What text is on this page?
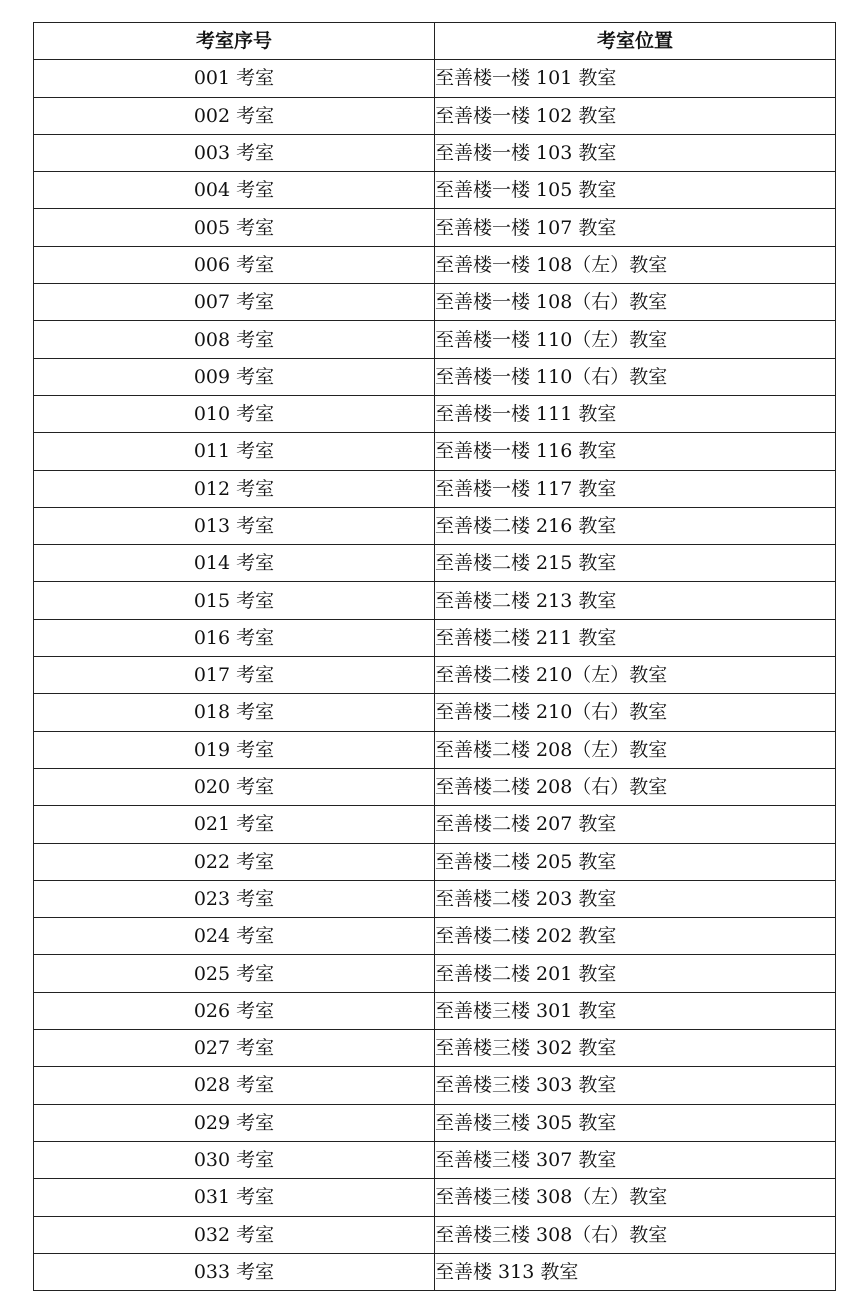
考室序号	考室位置
001 考室	至善楼一楼 101 教室
002 考室	至善楼一楼 102 教室
003 考室	至善楼一楼 103 教室
004 考室	至善楼一楼 105 教室
005 考室	至善楼一楼 107 教室
006 考室	至善楼一楼 108（左）教室
007 考室	至善楼一楼 108（右）教室
008 考室	至善楼一楼 110（左）教室
009 考室	至善楼一楼 110（右）教室
010 考室	至善楼一楼 111 教室
011 考室	至善楼一楼 116 教室
012 考室	至善楼一楼 117 教室
013 考室	至善楼二楼 216 教室
014 考室	至善楼二楼 215 教室
015 考室	至善楼二楼 213 教室
016 考室	至善楼二楼 211 教室
017 考室	至善楼二楼 210（左）教室
018 考室	至善楼二楼 210（右）教室
019 考室	至善楼二楼 208（左）教室
020 考室	至善楼二楼 208（右）教室
021 考室	至善楼二楼 207 教室
022 考室	至善楼二楼 205 教室
023 考室	至善楼二楼 203 教室
024 考室	至善楼二楼 202 教室
025 考室	至善楼二楼 201 教室
026 考室	至善楼三楼 301 教室
027 考室	至善楼三楼 302 教室
028 考室	至善楼三楼 303 教室
029 考室	至善楼三楼 305 教室
030 考室	至善楼三楼 307 教室
031 考室	至善楼三楼 308（左）教室
032 考室	至善楼三楼 308（右）教室
033 考室	至善楼 313 教室
